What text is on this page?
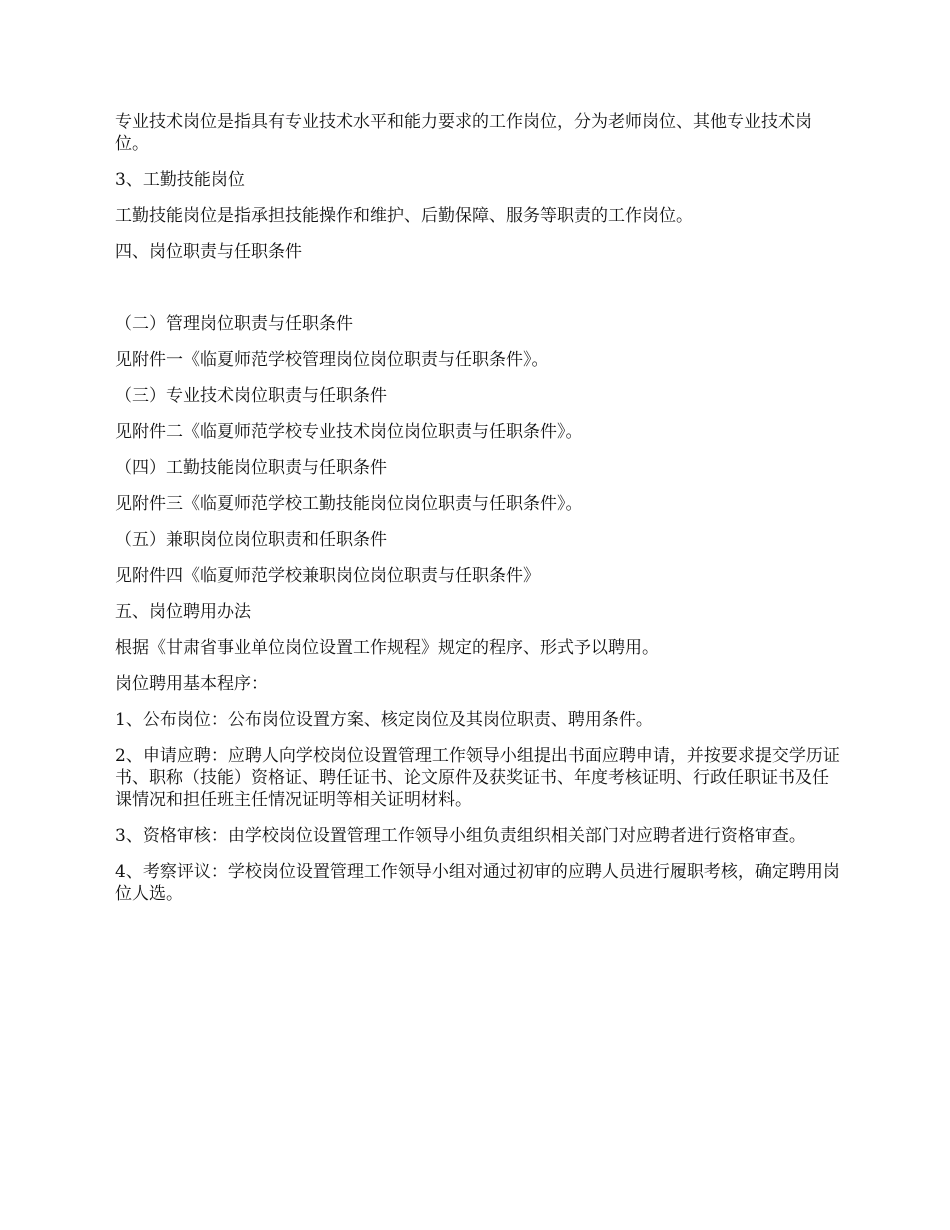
专业技术岗位是指具有专业技术水平和能力要求的工作岗位，分为老师岗位、其他专业技术岗位。

3、工勤技能岗位

工勤技能岗位是指承担技能操作和维护、后勤保障、服务等职责的工作岗位。

四、岗位职责与任职条件

（二）管理岗位职责与任职条件

见附件一《临夏师范学校管理岗位岗位职责与任职条件》。

（三）专业技术岗位职责与任职条件

见附件二《临夏师范学校专业技术岗位岗位职责与任职条件》。

（四）工勤技能岗位职责与任职条件

见附件三《临夏师范学校工勤技能岗位岗位职责与任职条件》。

（五）兼职岗位岗位职责和任职条件

见附件四《临夏师范学校兼职岗位岗位职责与任职条件》

五、岗位聘用办法

根据《甘肃省事业单位岗位设置工作规程》规定的程序、形式予以聘用。

岗位聘用基本程序：

1、公布岗位：公布岗位设置方案、核定岗位及其岗位职责、聘用条件。

2、申请应聘：应聘人向学校岗位设置管理工作领导小组提出书面应聘申请，并按要求提交学历证书、职称（技能）资格证、聘任证书、论文原件及获奖证书、年度考核证明、行政任职证书及任课情况和担任班主任情况证明等相关证明材料。

3、资格审核：由学校岗位设置管理工作领导小组负责组织相关部门对应聘者进行资格审查。

4、考察评议：学校岗位设置管理工作领导小组对通过初审的应聘人员进行履职考核，确定聘用岗位人选。
